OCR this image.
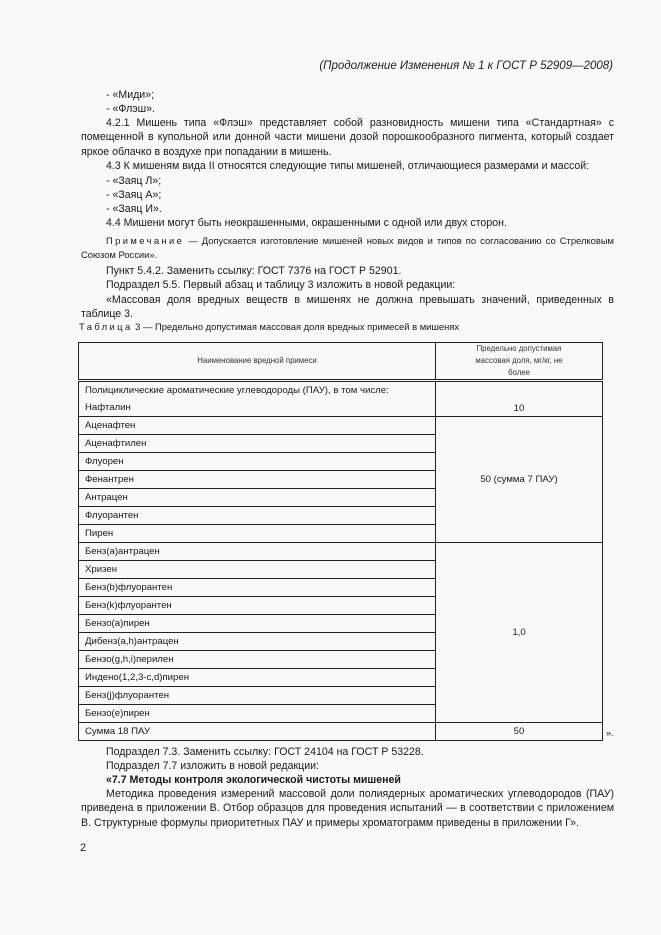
(Продолжение Изменения № 1 к ГОСТ Р 52909—2008)
- «Миди»;
- «Флэш».

4.2.1 Мишень типа «Флэш» представляет собой разновидность мишени типа «Стандартная» с помещенной в купольной или донной части мишени дозой порошкообразного пигмента, который создает яркое облачко в воздухе при попадании в мишень.

4.3 К мишеням вида II относятся следующие типы мишеней, отличающиеся размерами и массой:
- «Заяц Л»;
- «Заяц А»;
- «Заяц И».
4.4 Мишени могут быть неокрашенными, окрашенными с одной или двух сторон.
Примечание — Допускается изготовление мишеней новых видов и типов по согласованию со Стрелковым Союзом России».
Пункт 5.4.2. Заменить ссылку: ГОСТ 7376 на ГОСТ Р 52901.
Подраздел 5.5. Первый абзац и таблицу 3 изложить в новой редакции:

«Массовая доля вредных веществ в мишенях не должна превышать значений, приведенных в таблице 3.

Таблица 3 — Предельно допустимая массовая доля вредных примесей в мишенях
Наименование вредной примеси	Предельно допустимая массовая доля, мг/кг, не более
Полициклические ароматические углеводороды (ПАУ), в том числе:	10
Нафталин	
Аценафтен	50 (сумма 7 ПАУ)
Аценафтилен	
Флуорен	
Фенантрен	
Антрацен	
Флуорантен	
Пирен	
Бенз(а)антрацен	1,0
Хризен	
Бенз(b)флуорантен	
Бенз(k)флуорантен	
Бензо(а)пирен	
Дибенз(a,h)антрацен	
Бензо(g,h,i)перилен	
Индено(1,2,3-c,d)пирен	
Бенз(j)флуорантен	
Бензо(е)пирен	
Сумма 18 ПАУ	50	».
Подраздел 7.3. Заменить ссылку: ГОСТ 24104 на ГОСТ Р 53228.
Подраздел 7.7 изложить в новой редакции:
«7.7 Методы контроля экологической чистоты мишеней

Методика проведения измерений массовой доли полиядерных ароматических углеводородов (ПАУ) приведена в приложении В. Отбор образцов для проведения испытаний — в соответствии с приложением В. Структурные формулы приоритетных ПАУ и примеры хроматограмм приведены в приложении Г».

2
